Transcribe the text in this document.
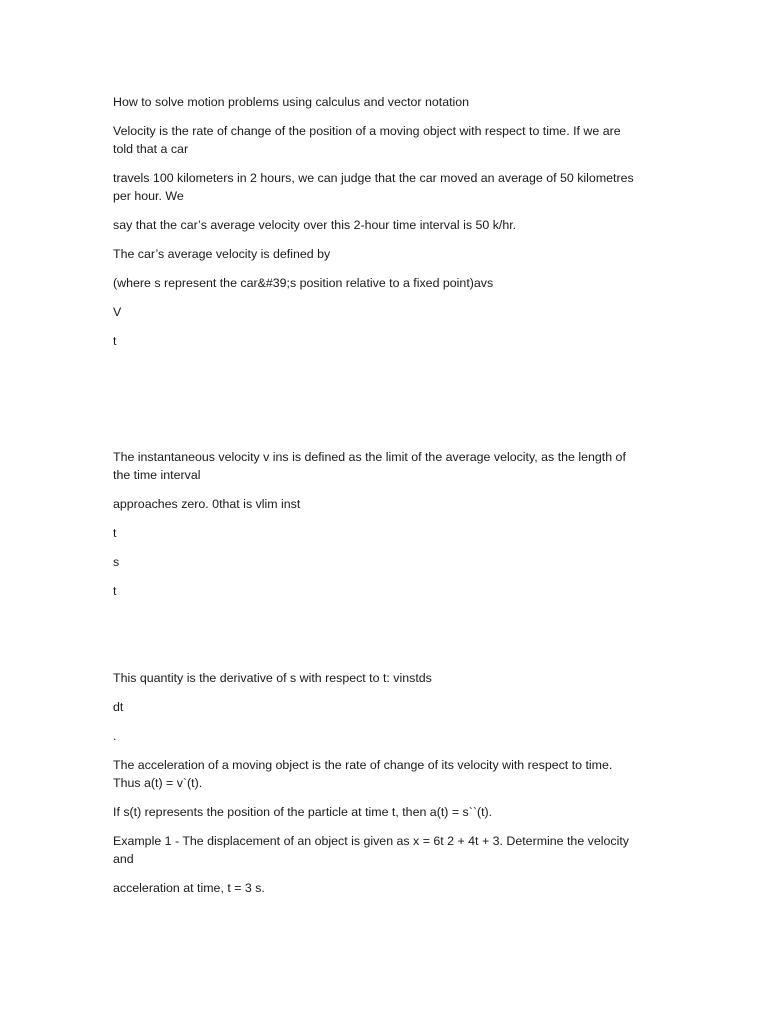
How to solve motion problems using calculus and vector notation

Velocity is the rate of change of the position of a moving object with respect to time. If we are told that a car

travels 100 kilometers in 2 hours, we can judge that the car moved an average of 50 kilometres per hour. We

say that the car’s average velocity over this 2-hour time interval is 50 k/hr.

The car’s average velocity is defined by

(where s represent the car&#39;s position relative to a fixed point)avs

V

t

The instantaneous velocity v ins is defined as the limit of the average velocity, as the length of the time interval

approaches zero. 0that is vlim inst

t

s

t

This quantity is the derivative of s with respect to t: vinstds

dt

.

The acceleration of a moving object is the rate of change of its velocity with respect to time. Thus a(t) = v`(t).

If s(t) represents the position of the particle at time t, then a(t) = s``(t).

Example 1 - The displacement of an object is given as x = 6t 2 + 4t + 3. Determine the velocity and

acceleration at time, t = 3 s.
